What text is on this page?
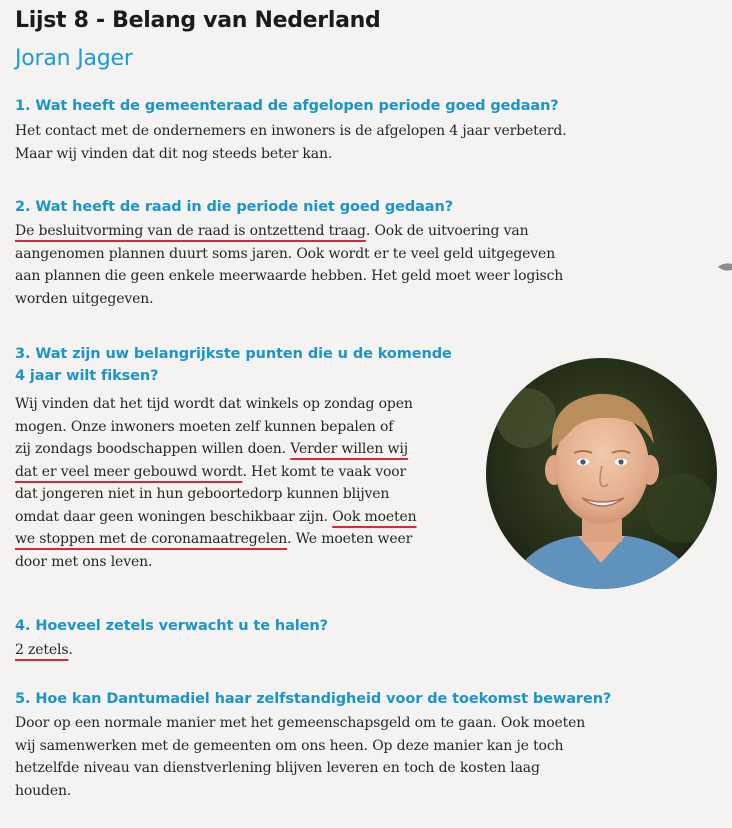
Lijst 8 - Belang van Nederland
Joran Jager
1. Wat heeft de gemeenteraad de afgelopen periode goed gedaan?
Het contact met de ondernemers en inwoners is de afgelopen 4 jaar verbeterd.
Maar wij vinden dat dit nog steeds beter kan.
2. Wat heeft de raad in die periode niet goed gedaan?
De besluitvorming van de raad is ontzettend traag. Ook de uitvoering van
aangenomen plannen duurt soms jaren. Ook wordt er te veel geld uitgegeven
aan plannen die geen enkele meerwaarde hebben. Het geld moet weer logisch
worden uitgegeven.
3. Wat zijn uw belangrijkste punten die u de komende
4 jaar wilt fiksen?
Wij vinden dat het tijd wordt dat winkels op zondag open
mogen. Onze inwoners moeten zelf kunnen bepalen of
zij zondags boodschappen willen doen. Verder willen wij
dat er veel meer gebouwd wordt. Het komt te vaak voor
dat jongeren niet in hun geboortedorp kunnen blijven
omdat daar geen woningen beschikbaar zijn. Ook moeten
we stoppen met de coronamaatregelen. We moeten weer
door met ons leven.
4. Hoeveel zetels verwacht u te halen?
2 zetels.
5. Hoe kan Dantumadiel haar zelfstandigheid voor de toekomst bewaren?
Door op een normale manier met het gemeenschapsgeld om te gaan. Ook moeten
wij samenwerken met de gemeenten om ons heen. Op deze manier kan je toch
hetzelfde niveau van dienstverlening blijven leveren en toch de kosten laag
houden.
